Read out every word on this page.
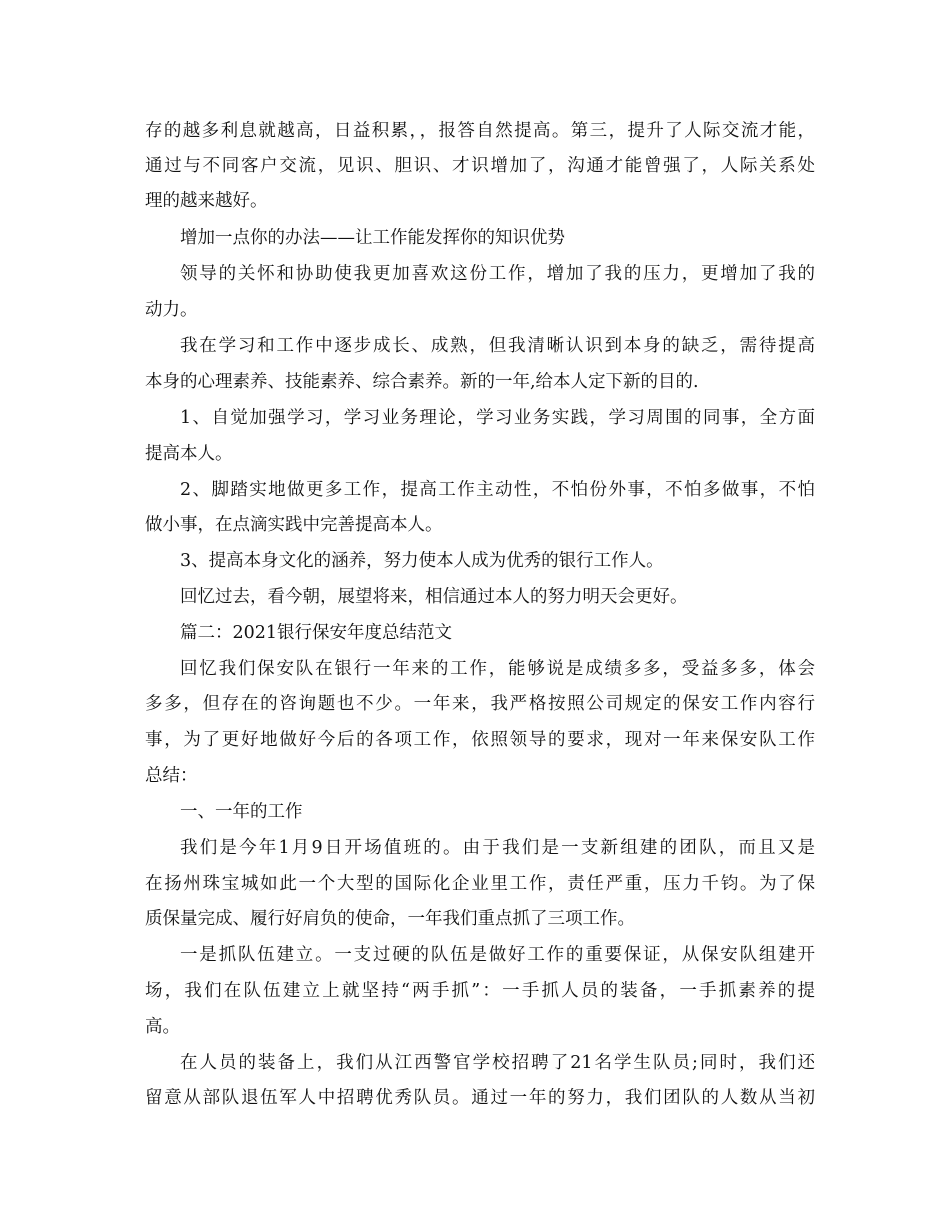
存的越多利息就越高，日益积累，，报答自然提高。第三，提升了人际交流才能，
通过与不同客户交流，见识、胆识、才识增加了，沟通才能曾强了，人际关系处
理的越来越好。
增加一点你的办法——让工作能发挥你的知识优势
领导的关怀和协助使我更加喜欢这份工作，增加了我的压力，更增加了我的
动力。
我在学习和工作中逐步成长、成熟，但我清晰认识到本身的缺乏，需待提高
本身的心理素养、技能素养、综合素养。新的一年,给本人定下新的目的.
1、自觉加强学习，学习业务理论，学习业务实践，学习周围的同事，全方面
提高本人。
2、脚踏实地做更多工作，提高工作主动性，不怕份外事，不怕多做事，不怕
做小事，在点滴实践中完善提高本人。
3、提高本身文化的涵养，努力使本人成为优秀的银行工作人。
回忆过去，看今朝，展望将来，相信通过本人的努力明天会更好。
篇二：2021银行保安年度总结范文
回忆我们保安队在银行一年来的工作，能够说是成绩多多，受益多多，体会
多多，但存在的咨询题也不少。一年来，我严格按照公司规定的保安工作内容行
事，为了更好地做好今后的各项工作，依照领导的要求，现对一年来保安队工作
总结：
一、一年的工作
我们是今年1月9日开场值班的。由于我们是一支新组建的团队，而且又是
在扬州珠宝城如此一个大型的国际化企业里工作，责任严重，压力千钧。为了保
质保量完成、履行好肩负的使命，一年我们重点抓了三项工作。
一是抓队伍建立。一支过硬的队伍是做好工作的重要保证，从保安队组建开
场，我们在队伍建立上就坚持“两手抓”：一手抓人员的装备，一手抓素养的提
高。
在人员的装备上，我们从江西警官学校招聘了21名学生队员;同时，我们还
留意从部队退伍军人中招聘优秀队员。通过一年的努力，我们团队的人数从当初
